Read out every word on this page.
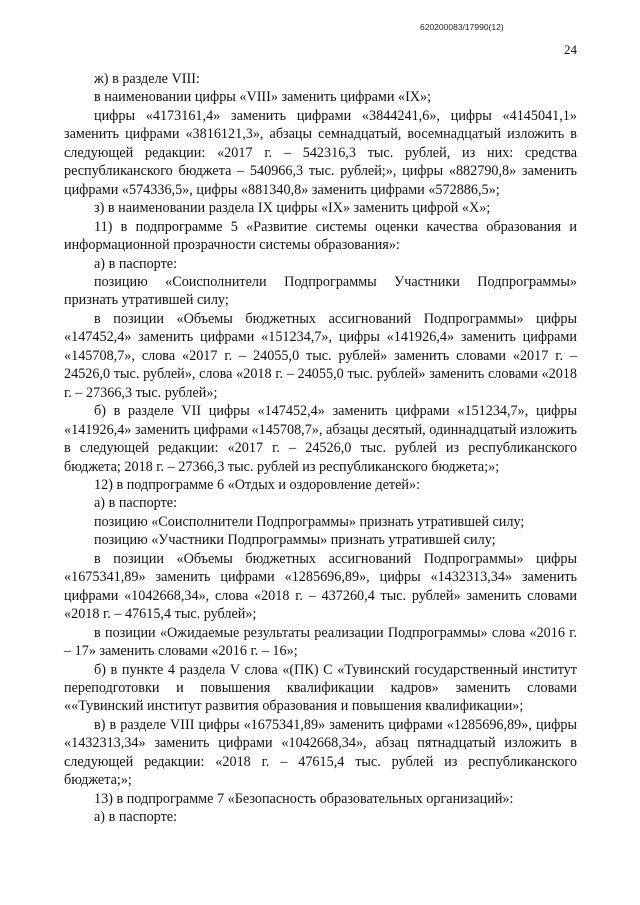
620200083/17990(12)
24

ж) в разделе VIII:

в наименовании цифры «VIII» заменить цифрами «IX»;

цифры «4173161,4» заменить цифрами «3844241,6», цифры «4145041,1» заменить цифрами «3816121,3», абзацы семнадцатый, восемнадцатый изложить в следующей редакции: «2017 г. – 542316,3 тыс. рублей, из них: средства республиканского бюджета – 540966,3 тыс. рублей;», цифры «882790,8» заменить цифрами «574336,5», цифры «881340,8» заменить цифрами «572886,5»;

з) в наименовании раздела IX цифры «IX» заменить цифрой «X»;

11) в подпрограмме 5 «Развитие системы оценки качества образования и информационной прозрачности системы образования»:

а) в паспорте:

позицию «Соисполнители Подпрограммы Участники Подпрограммы» признать утратившей силу;

в позиции «Объемы бюджетных ассигнований Подпрограммы» цифры «147452,4» заменить цифрами «151234,7», цифры «141926,4» заменить цифрами «145708,7», слова «2017 г. – 24055,0 тыс. рублей» заменить словами «2017 г. – 24526,0 тыс. рублей», слова «2018 г. – 24055,0 тыс. рублей» заменить словами «2018 г. – 27366,3 тыс. рублей»;

б) в разделе VII цифры «147452,4» заменить цифрами «151234,7», цифры «141926,4» заменить цифрами «145708,7», абзацы десятый, одиннадцатый изложить в следующей редакции: «2017 г. – 24526,0 тыс. рублей из республиканского бюджета; 2018 г. – 27366,3 тыс. рублей из республиканского бюджета;»;

12) в подпрограмме 6 «Отдых и оздоровление детей»:

а) в паспорте:

позицию «Соисполнители Подпрограммы» признать утратившей силу;

позицию «Участники Подпрограммы» признать утратившей силу;

в позиции «Объемы бюджетных ассигнований Подпрограммы» цифры «1675341,89» заменить цифрами «1285696,89», цифры «1432313,34» заменить цифрами «1042668,34», слова «2018 г. – 437260,4 тыс. рублей» заменить словами «2018 г. – 47615,4 тыс. рублей»;

в позиции «Ожидаемые результаты реализации Подпрограммы» слова «2016 г. – 17» заменить словами «2016 г. – 16»;

б) в пункте 4 раздела V слова «(ПК) С «Тувинский государственный институт переподготовки и повышения квалификации кадров» заменить словами ««Тувинский институт развития образования и повышения квалификации»;

в) в разделе VIII цифры «1675341,89» заменить цифрами «1285696,89», цифры «1432313,34» заменить цифрами «1042668,34», абзац пятнадцатый изложить в следующей редакции: «2018 г. – 47615,4 тыс. рублей из республиканского бюджета;»;

13) в подпрограмме 7 «Безопасность образовательных организаций»:

а) в паспорте:
